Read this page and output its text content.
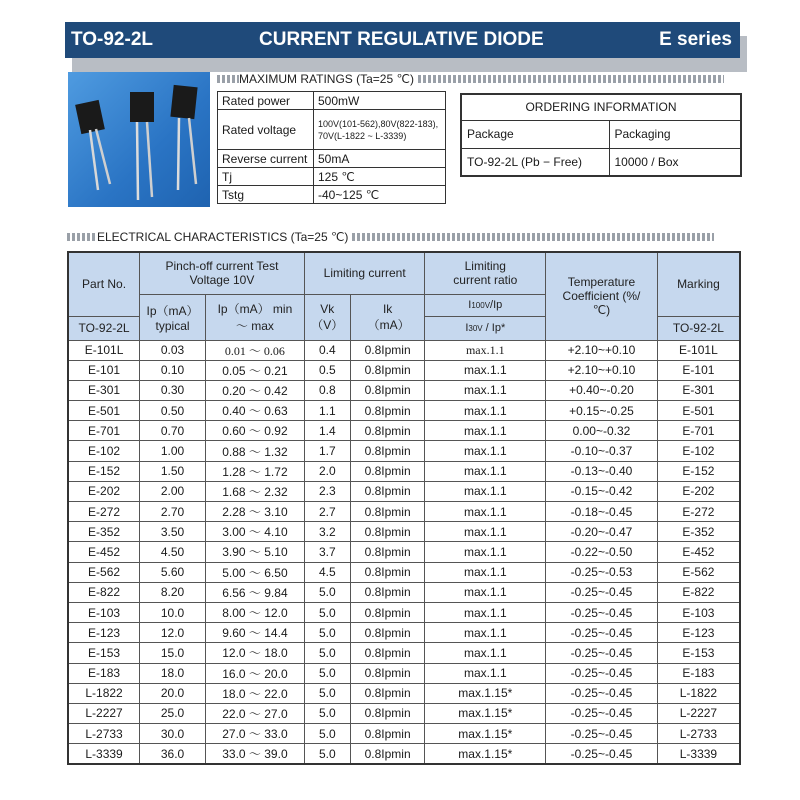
TO-92-2L	CURRENT REGULATIVE DIODE	E series
MAXIMUM RATINGS (Ta=25 ℃)
Rated power	500mW
Rated voltage	100V(101-562),80V(822-183), 70V(L-1822 ~ L-3339)
Reverse current	50mA
Tj	125 ℃
Tstg	-40~125 ℃
ORDERING INFORMATION	
Package	Packaging
TO-92-2L (Pb − Free)	10000 / Box
ELECTRICAL CHARACTERISTICS (Ta=25 ℃)
Part No.	Pinch-off current Test Voltage 10V		Limiting current		Limiting current ratio	Temperature Coefficient (%/ ℃)	Marking
	Ip（mA）typical	Ip（mA） min ～ max	Vk （V）	Ik （mA）	I100V/Ip		
TO-92-2L					I30V / Ip*		TO-92-2L
E-101L	0.03	0.01 ～ 0.06	0.4	0.8Ipmin	max.1.1	+2.10~+0.10	E-101L
E-101	0.10	0.05 ～ 0.21	0.5	0.8Ipmin	max.1.1	+2.10~+0.10	E-101
E-301	0.30	0.20 ～ 0.42	0.8	0.8Ipmin	max.1.1	+0.40~-0.20	E-301
E-501	0.50	0.40 ～ 0.63	1.1	0.8Ipmin	max.1.1	+0.15~-0.25	E-501
E-701	0.70	0.60 ～ 0.92	1.4	0.8Ipmin	max.1.1	0.00~-0.32	E-701
E-102	1.00	0.88 ～ 1.32	1.7	0.8Ipmin	max.1.1	-0.10~-0.37	E-102
E-152	1.50	1.28 ～ 1.72	2.0	0.8Ipmin	max.1.1	-0.13~-0.40	E-152
E-202	2.00	1.68 ～ 2.32	2.3	0.8Ipmin	max.1.1	-0.15~-0.42	E-202
E-272	2.70	2.28 ～ 3.10	2.7	0.8Ipmin	max.1.1	-0.18~-0.45	E-272
E-352	3.50	3.00 ～ 4.10	3.2	0.8Ipmin	max.1.1	-0.20~-0.47	E-352
E-452	4.50	3.90 ～ 5.10	3.7	0.8Ipmin	max.1.1	-0.22~-0.50	E-452
E-562	5.60	5.00 ～ 6.50	4.5	0.8Ipmin	max.1.1	-0.25~-0.53	E-562
E-822	8.20	6.56 ～ 9.84	5.0	0.8Ipmin	max.1.1	-0.25~-0.45	E-822
E-103	10.0	8.00 ～ 12.0	5.0	0.8Ipmin	max.1.1	-0.25~-0.45	E-103
E-123	12.0	9.60 ～ 14.4	5.0	0.8Ipmin	max.1.1	-0.25~-0.45	E-123
E-153	15.0	12.0 ～ 18.0	5.0	0.8Ipmin	max.1.1	-0.25~-0.45	E-153
E-183	18.0	16.0 ～ 20.0	5.0	0.8Ipmin	max.1.1	-0.25~-0.45	E-183
L-1822	20.0	18.0 ～ 22.0	5.0	0.8Ipmin	max.1.15*	-0.25~-0.45	L-1822
L-2227	25.0	22.0 ～ 27.0	5.0	0.8Ipmin	max.1.15*	-0.25~-0.45	L-2227
L-2733	30.0	27.0 ～ 33.0	5.0	0.8Ipmin	max.1.15*	-0.25~-0.45	L-2733
L-3339	36.0	33.0 ～ 39.0	5.0	0.8Ipmin	max.1.15*	-0.25~-0.45	L-3339
